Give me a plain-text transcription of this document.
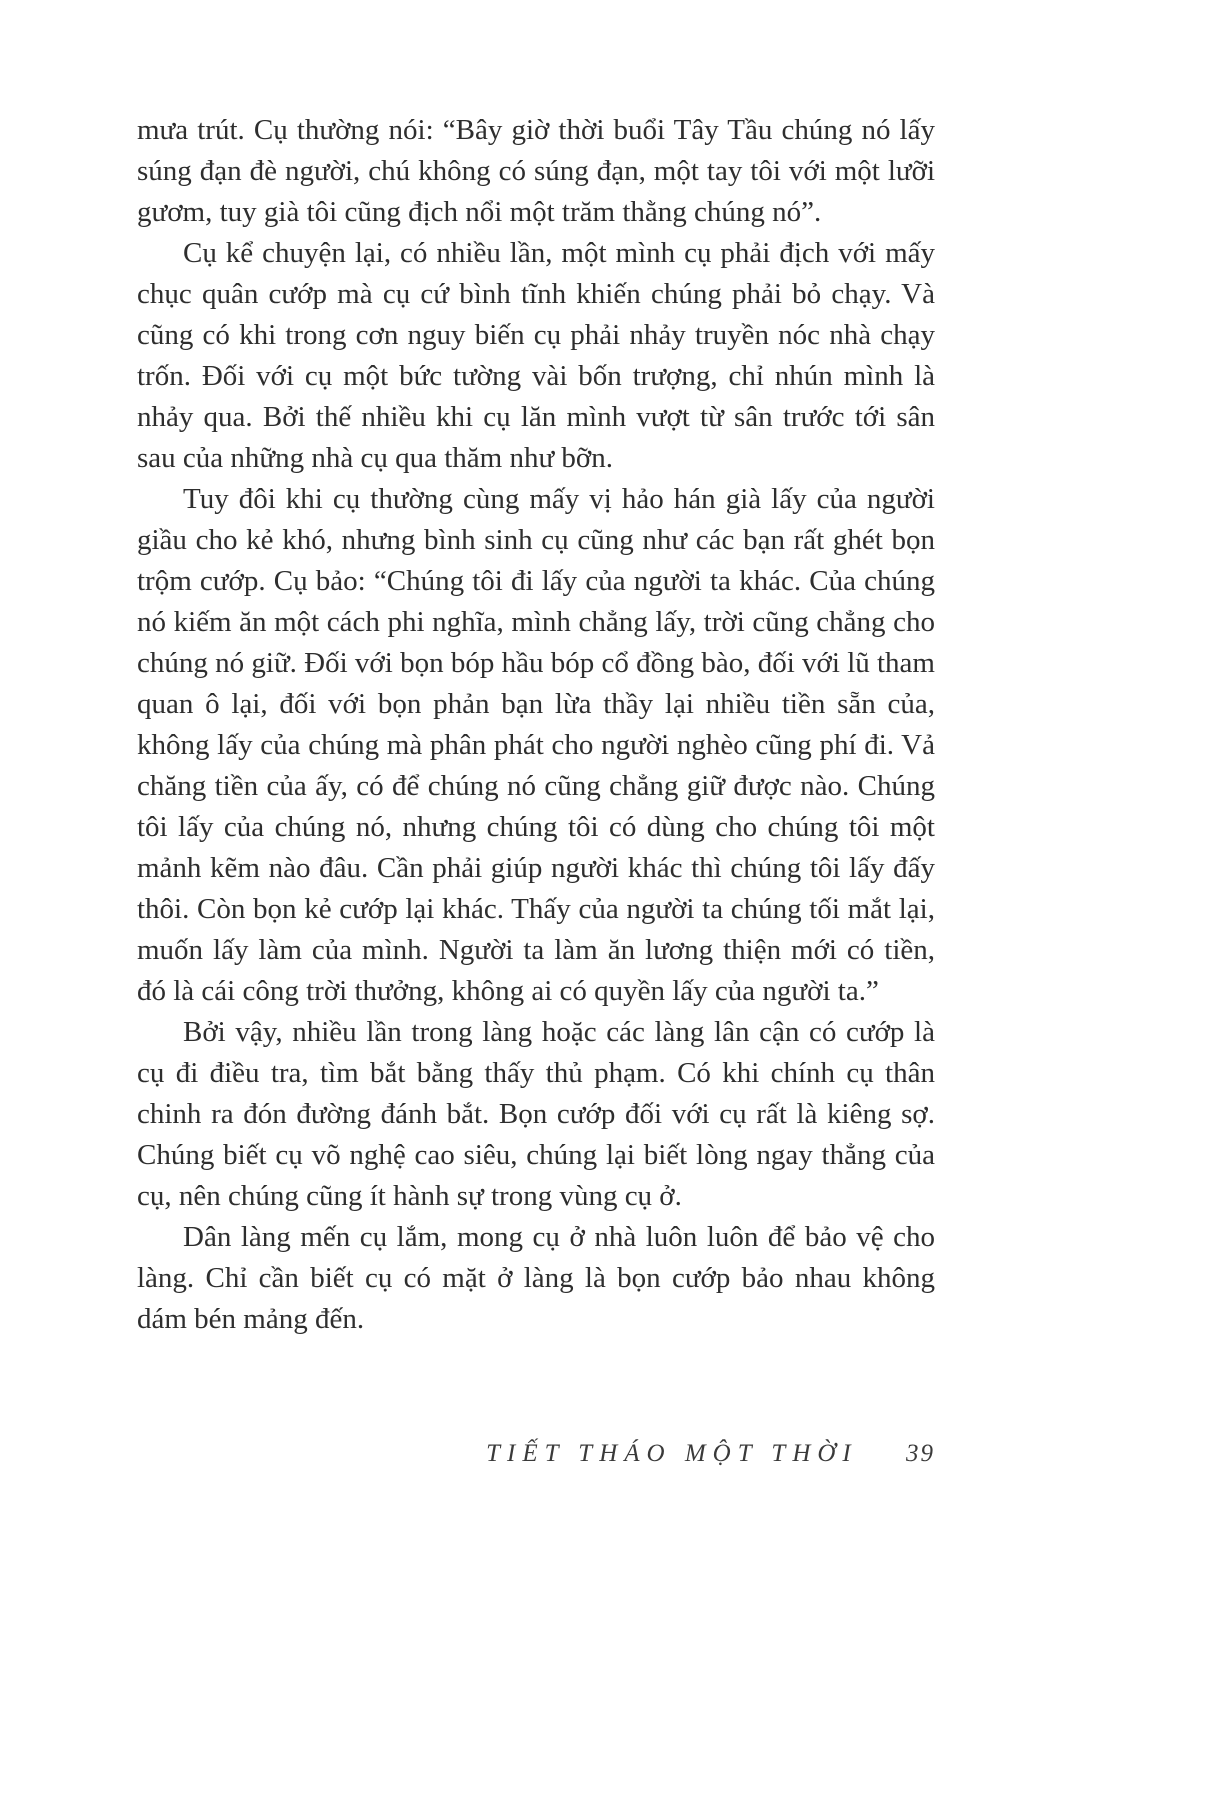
mưa trút. Cụ thường nói: “Bây giờ thời buổi Tây Tầu chúng nó lấy súng đạn đè người, chú không có súng đạn, một tay tôi với một lưỡi gươm, tuy già tôi cũng địch nổi một trăm thằng chúng nó”.

Cụ kể chuyện lại, có nhiều lần, một mình cụ phải địch với mấy chục quân cướp mà cụ cứ bình tĩnh khiến chúng phải bỏ chạy. Và cũng có khi trong cơn nguy biến cụ phải nhảy truyền nóc nhà chạy trốn. Đối với cụ một bức tường vài bốn trượng, chỉ nhún mình là nhảy qua. Bởi thế nhiều khi cụ lăn mình vượt từ sân trước tới sân sau của những nhà cụ qua thăm như bỡn.

Tuy đôi khi cụ thường cùng mấy vị hảo hán già lấy của người giầu cho kẻ khó, nhưng bình sinh cụ cũng như các bạn rất ghét bọn trộm cướp. Cụ bảo: “Chúng tôi đi lấy của người ta khác. Của chúng nó kiếm ăn một cách phi nghĩa, mình chẳng lấy, trời cũng chẳng cho chúng nó giữ. Đối với bọn bóp hầu bóp cổ đồng bào, đối với lũ tham quan ô lại, đối với bọn phản bạn lừa thầy lại nhiều tiền sẵn của, không lấy của chúng mà phân phát cho người nghèo cũng phí đi. Vả chăng tiền của ấy, có để chúng nó cũng chẳng giữ được nào. Chúng tôi lấy của chúng nó, nhưng chúng tôi có dùng cho chúng tôi một mảnh kẽm nào đâu. Cần phải giúp người khác thì chúng tôi lấy đấy thôi. Còn bọn kẻ cướp lại khác. Thấy của người ta chúng tối mắt lại, muốn lấy làm của mình. Người ta làm ăn lương thiện mới có tiền, đó là cái công trời thưởng, không ai có quyền lấy của người ta.”

Bởi vậy, nhiều lần trong làng hoặc các làng lân cận có cướp là cụ đi điều tra, tìm bắt bằng thấy thủ phạm. Có khi chính cụ thân chinh ra đón đường đánh bắt. Bọn cướp đối với cụ rất là kiêng sợ. Chúng biết cụ võ nghệ cao siêu, chúng lại biết lòng ngay thẳng của cụ, nên chúng cũng ít hành sự trong vùng cụ ở.

Dân làng mến cụ lắm, mong cụ ở nhà luôn luôn để bảo vệ cho làng. Chỉ cần biết cụ có mặt ở làng là bọn cướp bảo nhau không dám bén mảng đến.

TIẾT THÁO MỘT THỜI 39
